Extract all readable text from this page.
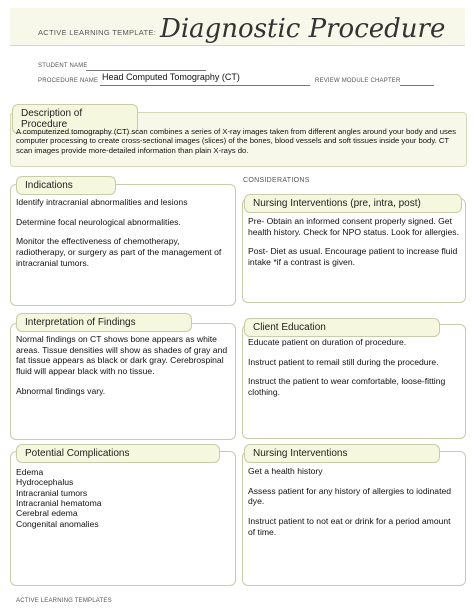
ACTIVE LEARNING TEMPLATE: Diagnostic Procedure
STUDENT NAME
PROCEDURE NAME Head Computed Tomography (CT)	REVIEW MODULE CHAPTER
Description of Procedure
A computerized tomography (CT) scan combines a series of X-ray images taken from different angles around your body and uses computer processing to create cross-sectional images (slices) of the bones, blood vessels and soft tissues inside your body. CT scan images provide more-detailed information than plain X-rays do.
CONSIDERATIONS
Indications

Identify intracranial abnormalities and lesions

Determine focal neurological abnormalities.

Monitor the effectiveness of chemotherapy, radiotherapy, or surgery as part of the management of intracranial tumors.

Nursing Interventions (pre, intra, post)

Pre- Obtain an informed consent properly signed. Get health history. Check for NPO status. Look for allergies.

Post- Diet as usual. Encourage patient to increase fluid intake *if a contrast is given.

Interpretation of Findings

Normal findings on CT shows bone appears as white areas. Tissue densities will show as shades of gray and fat tissue appears as black or dark gray. Cerebrospinal fluid will appear black with no tissue.

Abnormal findings vary.

Client Education

Educate patient on duration of procedure.

Instruct patient to remail still during the procedure.

Instruct the patient to wear comfortable, loose-fitting clothing.

Potential Complications
Edema
Hydrocephalus
Intracranial tumors
Intracranial hematoma
Cerebral edema
Congenital anomalies
Nursing Interventions

Get a health history

Assess patient for any history of allergies to iodinated dye.

Instruct patient to not eat or drink for a period amount of time.

ACTIVE LEARNING TEMPLATES
